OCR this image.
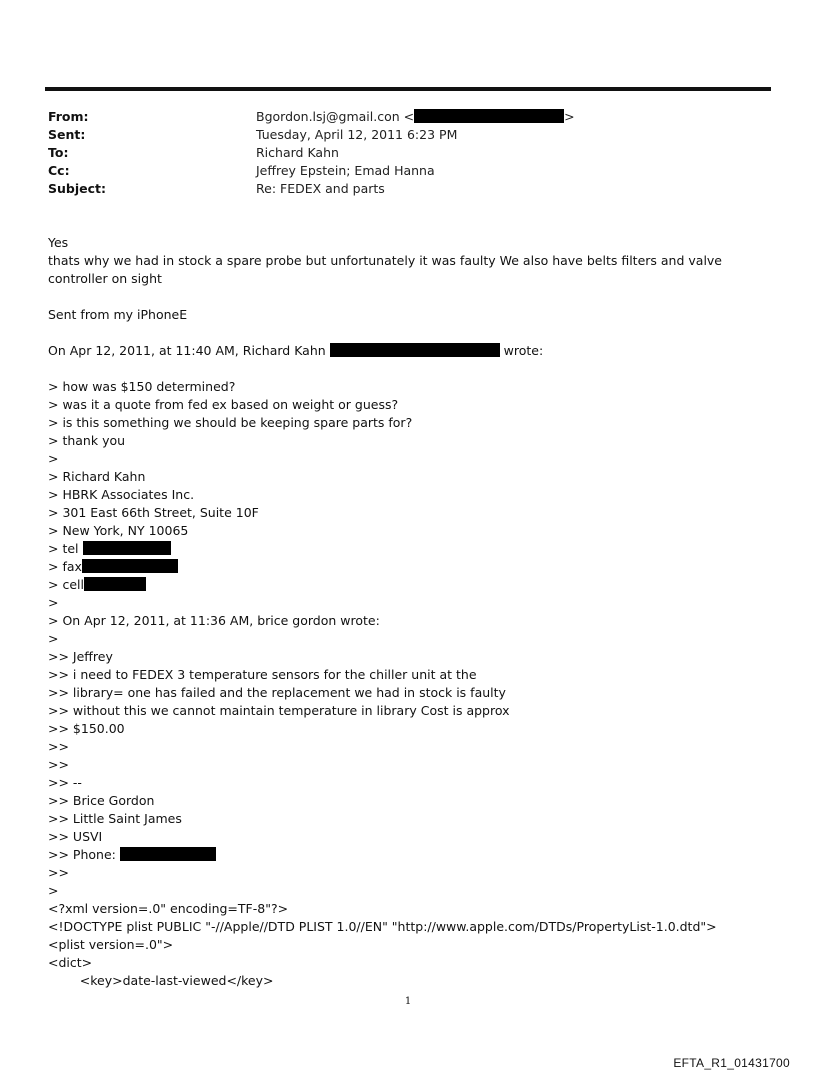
From:	Bgordon.lsj@gmail.con <	>
Sent:	Tuesday, April 12, 2011 6:23 PM
To:	Richard Kahn
Cc:	Jeffrey Epstein; Emad Hanna
Subject:	Re: FEDEX and parts
Yes
thats why we had in stock a spare probe but unfortunately it was faulty We also have belts filters and valve controller on sight
Sent from my iPhoneE
On Apr 12, 2011, at 11:40 AM, Richard Kahn	wrote:
> how was $150 determined?
> was it a quote from fed ex based on weight or guess?
> is this something we should be keeping spare parts for?
> thank you
>
> Richard Kahn
> HBRK Associates Inc.
> 301 East 66th Street, Suite 10F
> New York, NY 10065
> tel
> fax
> cell
>
> On Apr 12, 2011, at 11:36 AM, brice gordon wrote:
>
>> Jeffrey
>> i need to FEDEX 3 temperature sensors for the chiller unit at the
>> library= one has failed and the replacement we had in stock is faulty
>> without this we cannot maintain temperature in library Cost is approx
>> $150.00
>>
>>
>> --
>> Brice Gordon
>> Little Saint James
>> USVI
>> Phone:
>>
>
<?xml version=.0" encoding=TF-8"?>
<!DOCTYPE plist PUBLIC "-//Apple//DTD PLIST 1.0//EN" "http://www.apple.com/DTDs/PropertyList-1.0.dtd">
<plist version=.0">
<dict>
<key>date-last-viewed</key>
1
EFTA_R1_01431700
